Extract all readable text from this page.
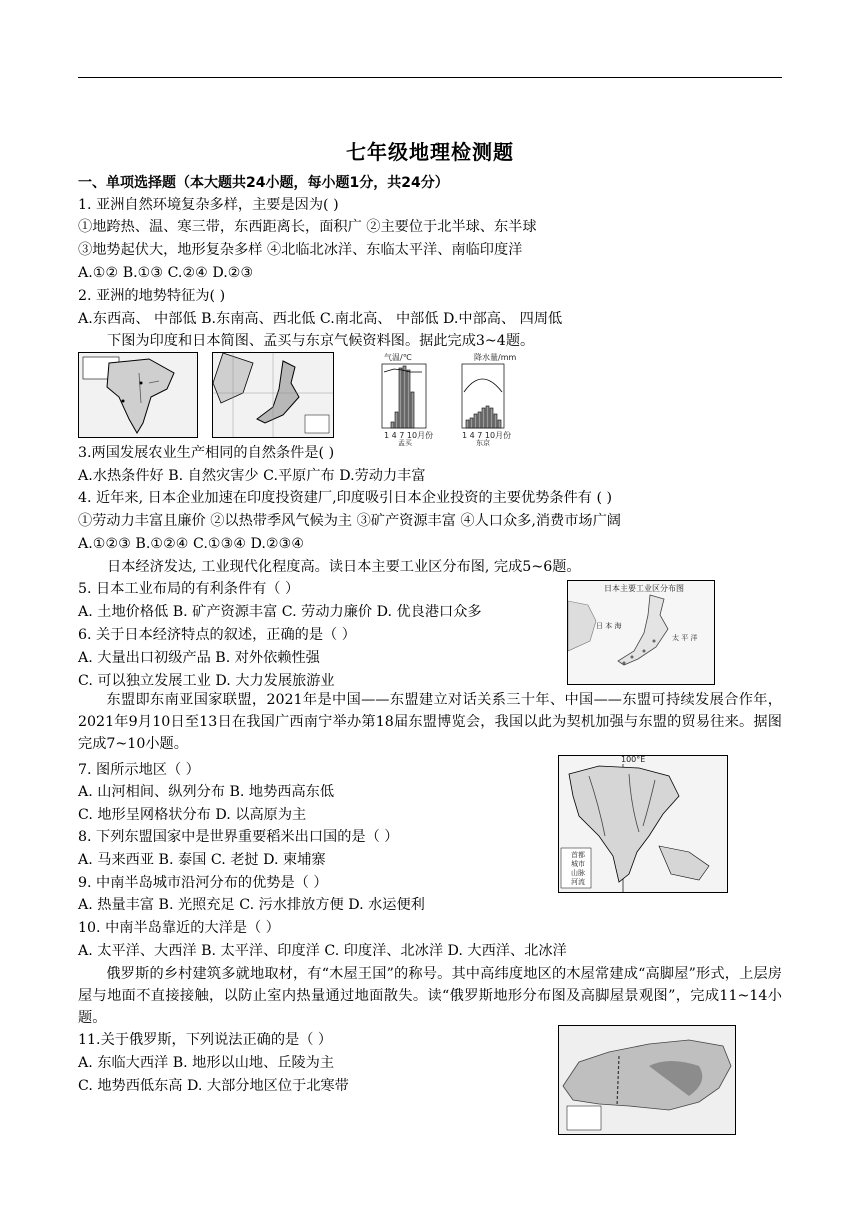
七年级地理检测题
一、单项选择题（本大题共24小题，每小题1分，共24分）
1. 亚洲自然环境复杂多样，主要是因为( )
①地跨热、温、寒三带，东西距离长，面积广 ②主要位于北半球、东半球
③地势起伏大，地形复杂多样 ④北临北冰洋、东临太平洋、南临印度洋
A.①② B.①③ C.②④ D.②③
2. 亚洲的地势特征为( )
A.东西高、 中部低 B.东南高、西北低 C.南北高、 中部低 D.中部高、 四周低
下图为印度和日本简图、孟买与东京气候资料图。据此完成3~4题。
气温/℃
1 4 7 10月份
孟买
降水量/mm
1 4 7 10月份
东京
3.两国发展农业生产相同的自然条件是( )
A.水热条件好 B. 自然灾害少 C.平原广布 D.劳动力丰富
4. 近年来, 日本企业加速在印度投资建厂,印度吸引日本企业投资的主要优势条件有 ( )
①劳动力丰富且廉价 ②以热带季风气候为主 ③矿产资源丰富 ④人口众多,消费市场广阔
A.①②③ B.①②④ C.①③④ D.②③④
日本经济发达, 工业现代化程度高。读日本主要工业区分布图, 完成5~6题。
日本主要工业区分布图
日 本 海
太 平 洋
5. 日本工业布局的有利条件有（ ）
A. 土地价格低 B. 矿产资源丰富 C. 劳动力廉价 D. 优良港口众多
6. 关于日本经济特点的叙述，正确的是（ ）
A. 大量出口初级产品 B. 对外依赖性强
C. 可以独立发展工业 D. 大力发展旅游业
东盟即东南亚国家联盟，2021年是中国——东盟建立对话关系三十年、中国——东盟可持续发展合作年，2021年9月10日至13日在我国广西南宁举办第18届东盟博览会，我国以此为契机加强与东盟的贸易往来。据图完成7~10小题。
100°E
首都
城市
山脉
河流
7. 图所示地区（ ）
A. 山河相间、纵列分布 B. 地势西高东低
C. 地形呈网格状分布 D. 以高原为主
8. 下列东盟国家中是世界重要稻米出口国的是（ ）
A. 马来西亚 B. 泰国 C. 老挝 D. 柬埔寨
9. 中南半岛城市沿河分布的优势是（ ）
A. 热量丰富 B. 光照充足 C. 污水排放方便 D. 水运便利
10. 中南半岛靠近的大洋是（ ）
A. 太平洋、大西洋 B. 太平洋、印度洋 C. 印度洋、北冰洋 D. 大西洋、北冰洋
俄罗斯的乡村建筑多就地取材，有“木屋王国”的称号。其中高纬度地区的木屋常建成“高脚屋”形式，上层房屋与地面不直接接触，以防止室内热量通过地面散失。读“俄罗斯地形分布图及高脚屋景观图”，完成11~14小题。
11.关于俄罗斯，下列说法正确的是（ ）
A. 东临大西洋 B. 地形以山地、丘陵为主
C. 地势西低东高 D. 大部分地区位于北寒带
